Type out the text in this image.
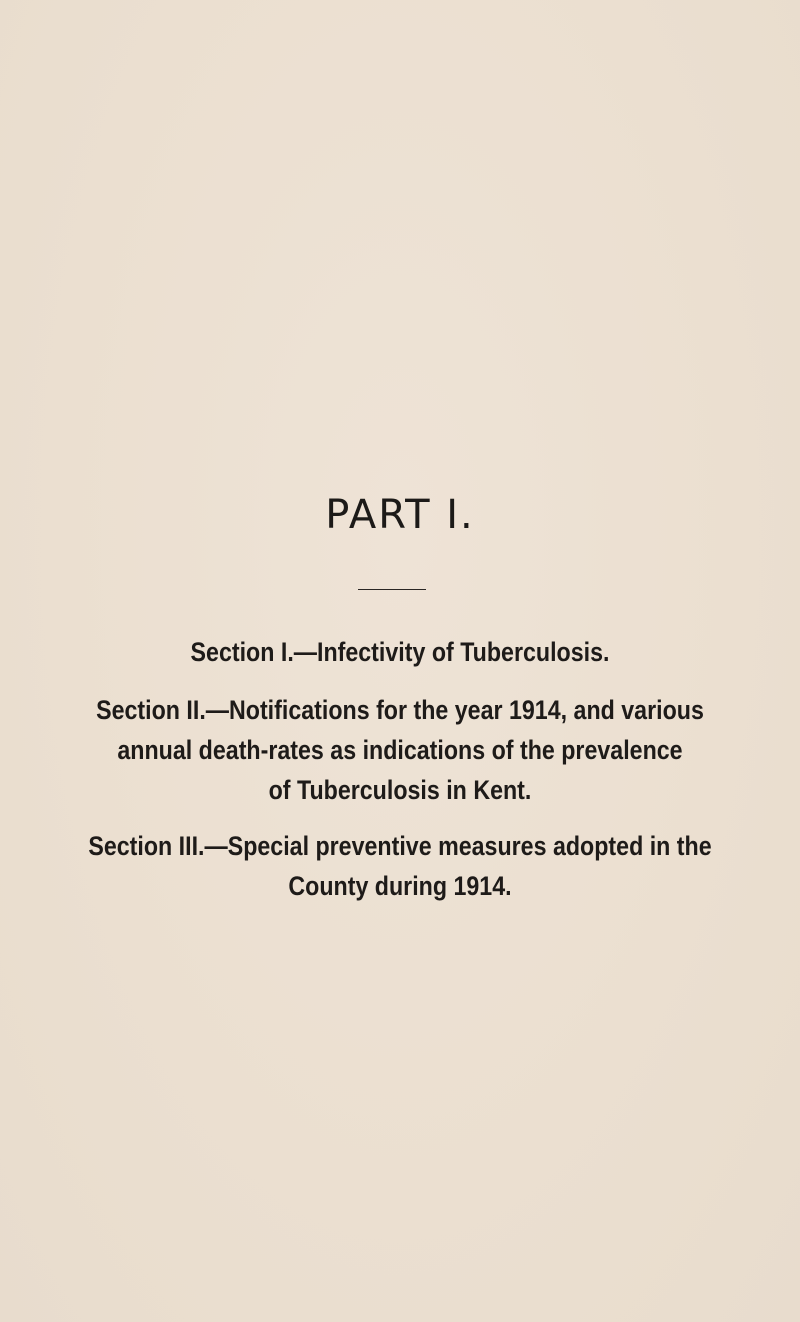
PART I.
Section I.—Infectivity of Tuberculosis.
Section II.—Notifications for the year 1914, and various
annual death-rates as indications of the prevalence
of Tuberculosis in Kent.
Section III.—Special preventive measures adopted in the
County during 1914.
